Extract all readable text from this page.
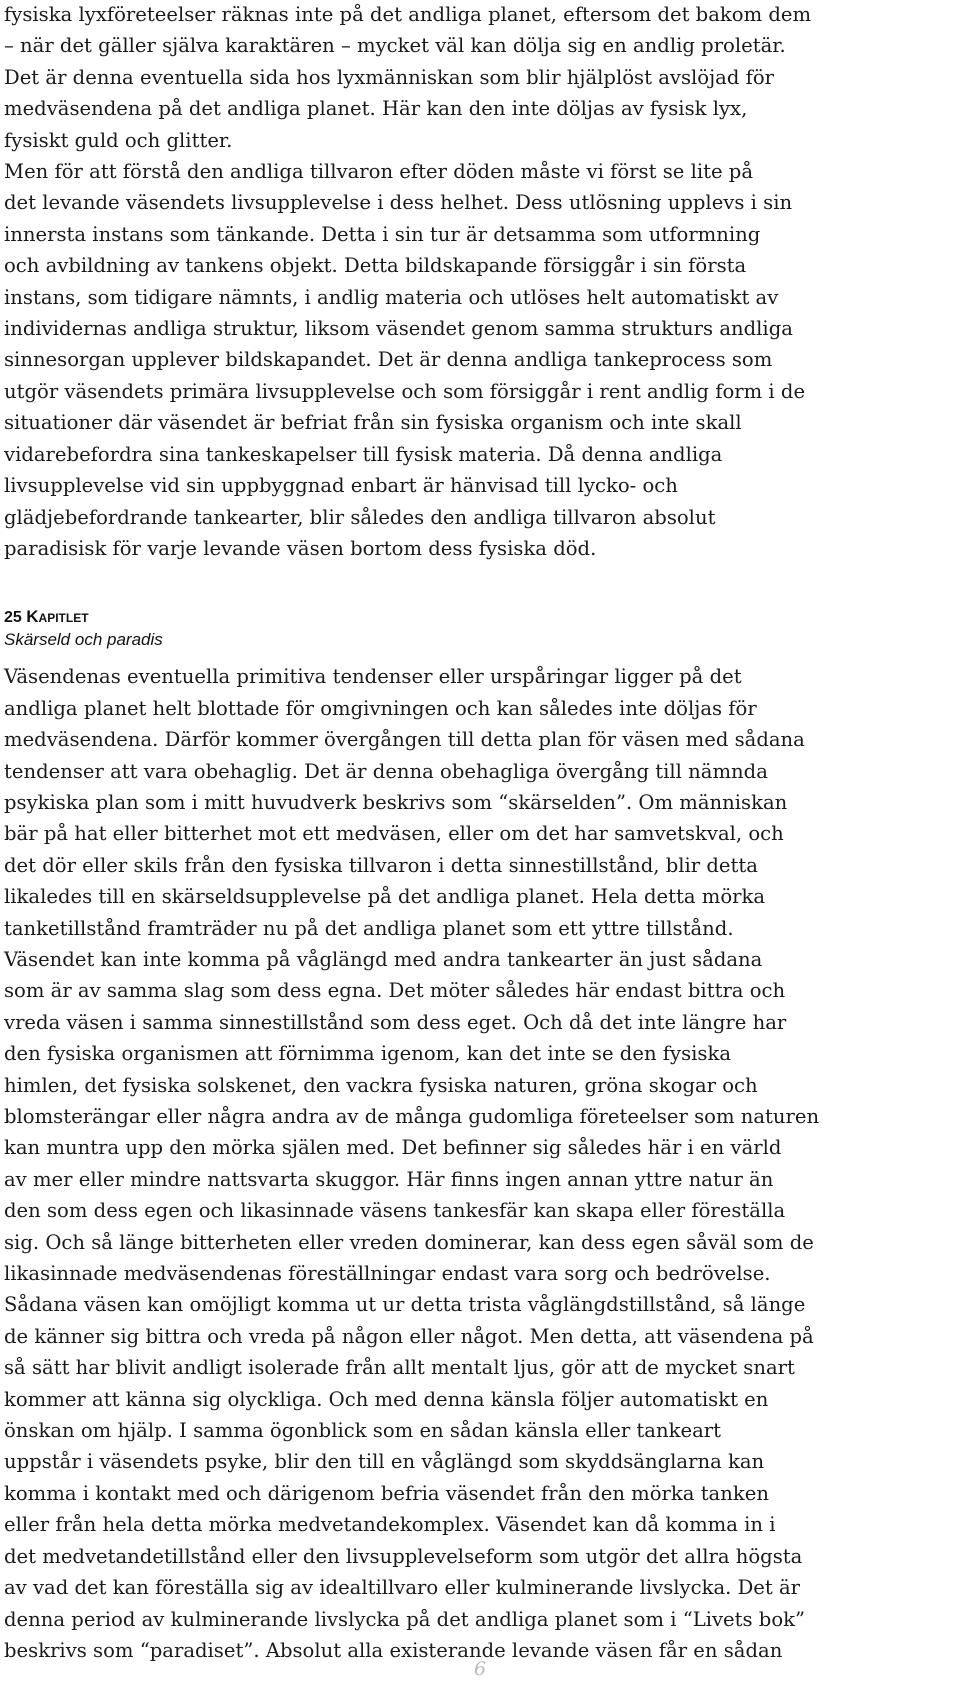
fysiska lyxföreteelser räknas inte på det andliga planet, eftersom det bakom dem
– när det gäller själva karaktären – mycket väl kan dölja sig en andlig proletär.
Det är denna eventuella sida hos lyxmänniskan som blir hjälplöst avslöjad för
medväsendena på det andliga planet. Här kan den inte döljas av fysisk lyx,
fysiskt guld och glitter.

Men för att förstå den andliga tillvaron efter döden måste vi först se lite på
det levande väsendets livsupplevelse i dess helhet. Dess utlösning upplevs i sin
innersta instans som tänkande. Detta i sin tur är detsamma som utformning
och avbildning av tankens objekt. Detta bildskapande försiggår i sin första
instans, som tidigare nämnts, i andlig materia och utlöses helt automatiskt av
individernas andliga struktur, liksom väsendet genom samma strukturs andliga
sinnesorgan upplever bildskapandet. Det är denna andliga tankeprocess som
utgör väsendets primära livsupplevelse och som försiggår i rent andlig form i de
situationer där väsendet är befriat från sin fysiska organism och inte skall
vidarebefordra sina tankeskapelser till fysisk materia. Då denna andliga
livsupplevelse vid sin uppbyggnad enbart är hänvisad till lycko- och
glädjebefordrande tankearter, blir således den andliga tillvaron absolut
paradisisk för varje levande väsen bortom dess fysiska död.

25 Kapitlet

Skärseld och paradis

Väsendenas eventuella primitiva tendenser eller urspåringar ligger på det
andliga planet helt blottade för omgivningen och kan således inte döljas för
medväsendena. Därför kommer övergången till detta plan för väsen med sådana
tendenser att vara obehaglig. Det är denna obehagliga övergång till nämnda
psykiska plan som i mitt huvudverk beskrivs som “skärselden”. Om människan
bär på hat eller bitterhet mot ett medväsen, eller om det har samvetskval, och
det dör eller skils från den fysiska tillvaron i detta sinnestillstånd, blir detta
likaledes till en skärseldsupplevelse på det andliga planet. Hela detta mörka
tanketillstånd framträder nu på det andliga planet som ett yttre tillstånd.
Väsendet kan inte komma på våglängd med andra tankearter än just sådana
som är av samma slag som dess egna. Det möter således här endast bittra och
vreda väsen i samma sinnestillstånd som dess eget. Och då det inte längre har
den fysiska organismen att förnimma igenom, kan det inte se den fysiska
himlen, det fysiska solskenet, den vackra fysiska naturen, gröna skogar och
blomsterängar eller några andra av de många gudomliga företeelser som naturen
kan muntra upp den mörka själen med. Det befinner sig således här i en värld
av mer eller mindre nattsvarta skuggor. Här finns ingen annan yttre natur än
den som dess egen och likasinnade väsens tankesfär kan skapa eller föreställa
sig. Och så länge bitterheten eller vreden dominerar, kan dess egen såväl som de
likasinnade medväsendenas föreställningar endast vara sorg och bedrövelse.
Sådana väsen kan omöjligt komma ut ur detta trista våglängdstillstånd, så länge
de känner sig bittra och vreda på någon eller något. Men detta, att väsendena på
så sätt har blivit andligt isolerade från allt mentalt ljus, gör att de mycket snart
kommer att känna sig olyckliga. Och med denna känsla följer automatiskt en
önskan om hjälp. I samma ögonblick som en sådan känsla eller tankeart
uppstår i väsendets psyke, blir den till en våglängd som skyddsänglarna kan
komma i kontakt med och därigenom befria väsendet från den mörka tanken
eller från hela detta mörka medvetandekomplex. Väsendet kan då komma in i
det medvetandetillstånd eller den livsupplevelseform som utgör det allra högsta
av vad det kan föreställa sig av idealtillvaro eller kulminerande livslycka. Det är
denna period av kulminerande livslycka på det andliga planet som i “Livets bok”
beskrivs som “paradiset”. Absolut alla existerande levande väsen får en sådan

6
